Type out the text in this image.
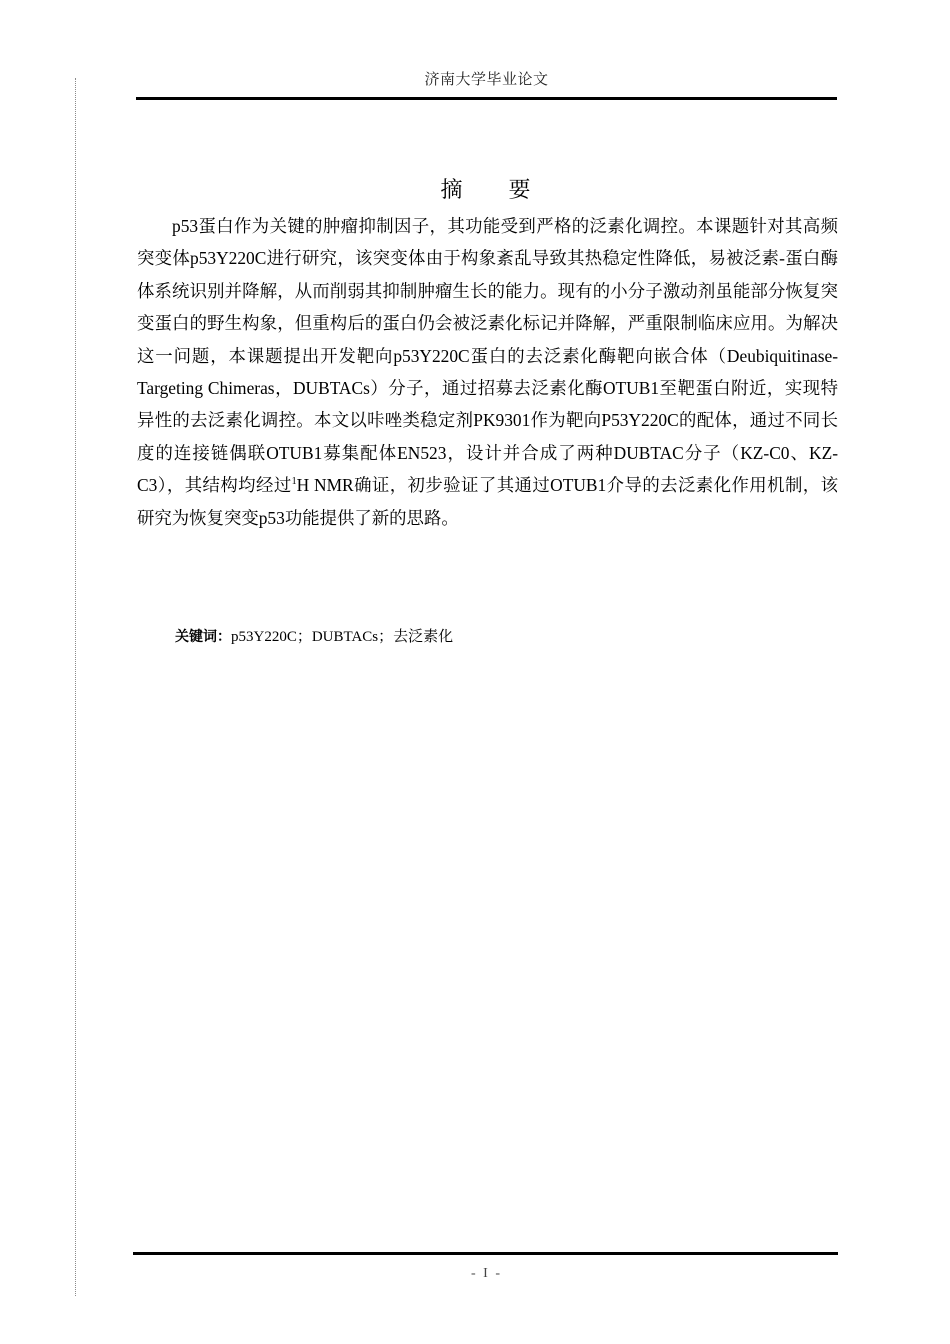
济南大学毕业论文
摘 要

p53蛋白作为关键的肿瘤抑制因子，其功能受到严格的泛素化调控。本课题针对其高频突变体p53Y220C进行研究，该突变体由于构象紊乱导致其热稳定性降低，易被泛素-蛋白酶体系统识别并降解，从而削弱其抑制肿瘤生长的能力。现有的小分子激动剂虽能部分恢复突变蛋白的野生构象，但重构后的蛋白仍会被泛素化标记并降解，严重限制临床应用。为解决这一问题，本课题提出开发靶向p53Y220C蛋白的去泛素化酶靶向嵌合体（Deubiquitinase-Targeting Chimeras，DUBTACs）分子，通过招募去泛素化酶OTUB1至靶蛋白附近，实现特异性的去泛素化调控。本文以咔唑类稳定剂PK9301作为靶向P53Y220C的配体，通过不同长度的连接链偶联OTUB1募集配体EN523，设计并合成了两种DUBTAC分子（KZ-C0、KZ-C3），其结构均经过$^1$H NMR确证，初步验证了其通过OTUB1介导的去泛素化作用机制，该研究为恢复突变p53功能提供了新的思路。

关键词：p53Y220C；DUBTACs；去泛素化
- I -
